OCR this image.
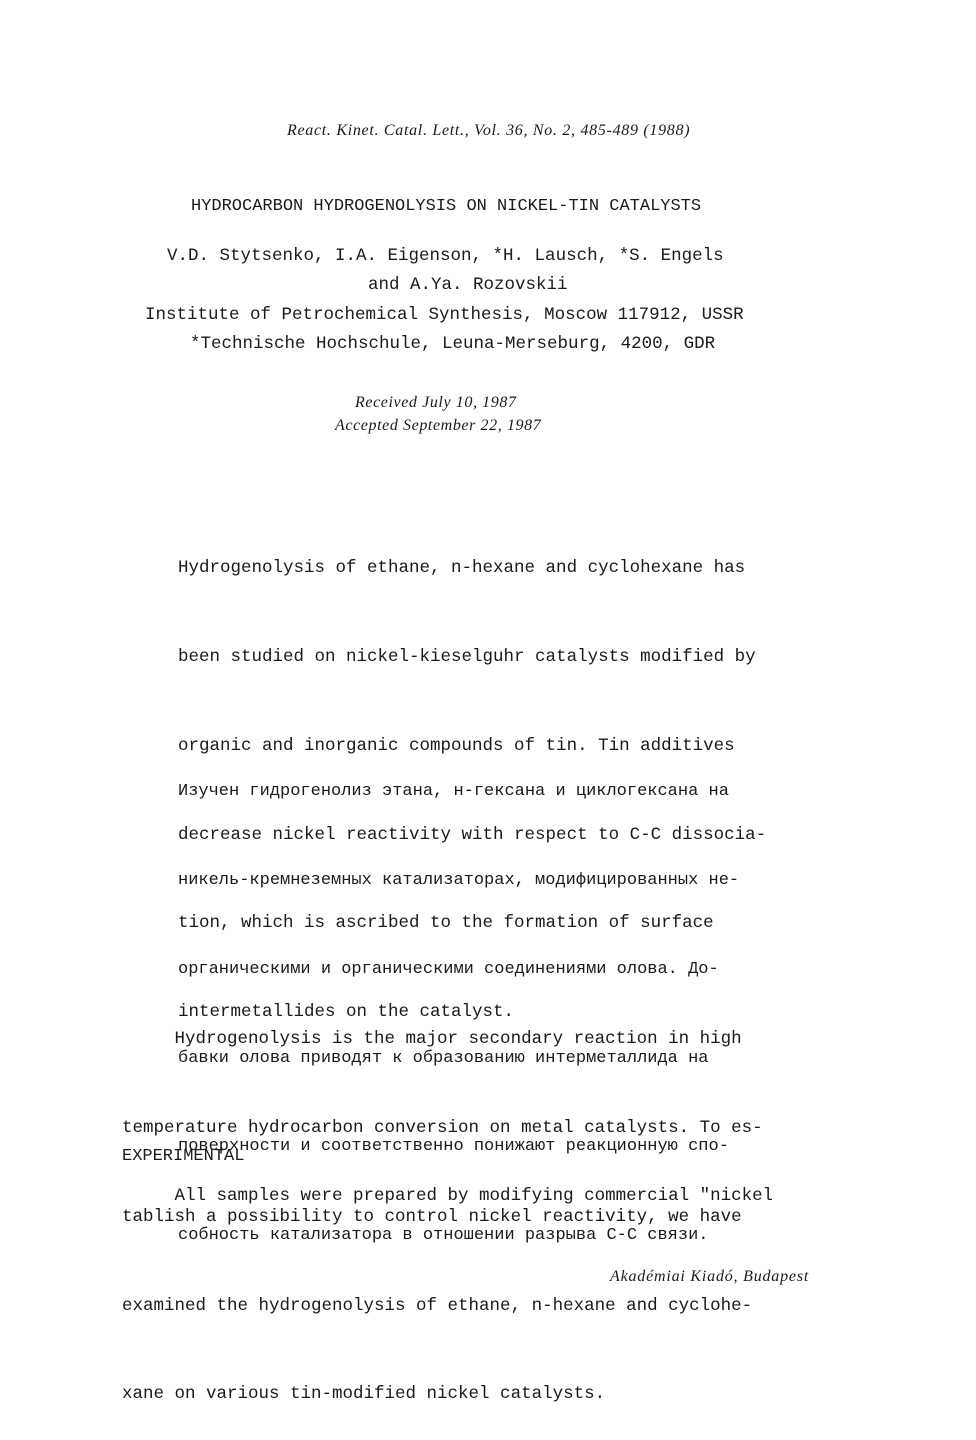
React. Kinet. Catal. Lett., Vol. 36, No. 2, 485-489 (1988)
HYDROCARBON HYDROGENOLYSIS ON NICKEL-TIN CATALYSTS
V.D. Stytsenko, I.A. Eigenson, *H. Lausch, *S. Engels
and A.Ya. Rozovskii
Institute of Petrochemical Synthesis, Moscow 117912, USSR
*Technische Hochschule, Leuna-Merseburg, 4200, GDR
Received July 10, 1987
Accepted September 22, 1987

Hydrogenolysis of ethane, n-hexane and cyclohexane has

been studied on nickel-kieselguhr catalysts modified by

organic and inorganic compounds of tin. Tin additives

decrease nickel reactivity with respect to C-C dissocia-

tion, which is ascribed to the formation of surface

intermetallides on the catalyst.

Изучен гидрогенолиз этана, н-гексана и циклогексана на

никель-кремнеземных катализаторах, модифицированных не-

органическими и органическими соединениями олова. До-

бавки олова приводят к образованию интерметаллида на

поверхности и соответственно понижают реакционную спо-

собность катализатора в отношении разрыва С-С связи.

Hydrogenolysis is the major secondary reaction in high

temperature hydrocarbon conversion on metal catalysts. To es-

tablish a possibility to control nickel reactivity, we have

examined the hydrogenolysis of ethane, n-hexane and cyclohe-

xane on various tin-modified nickel catalysts.

EXPERIMENTAL
All samples were prepared by modifying commercial "nickel
Akadémiai Kiadó, Budapest
